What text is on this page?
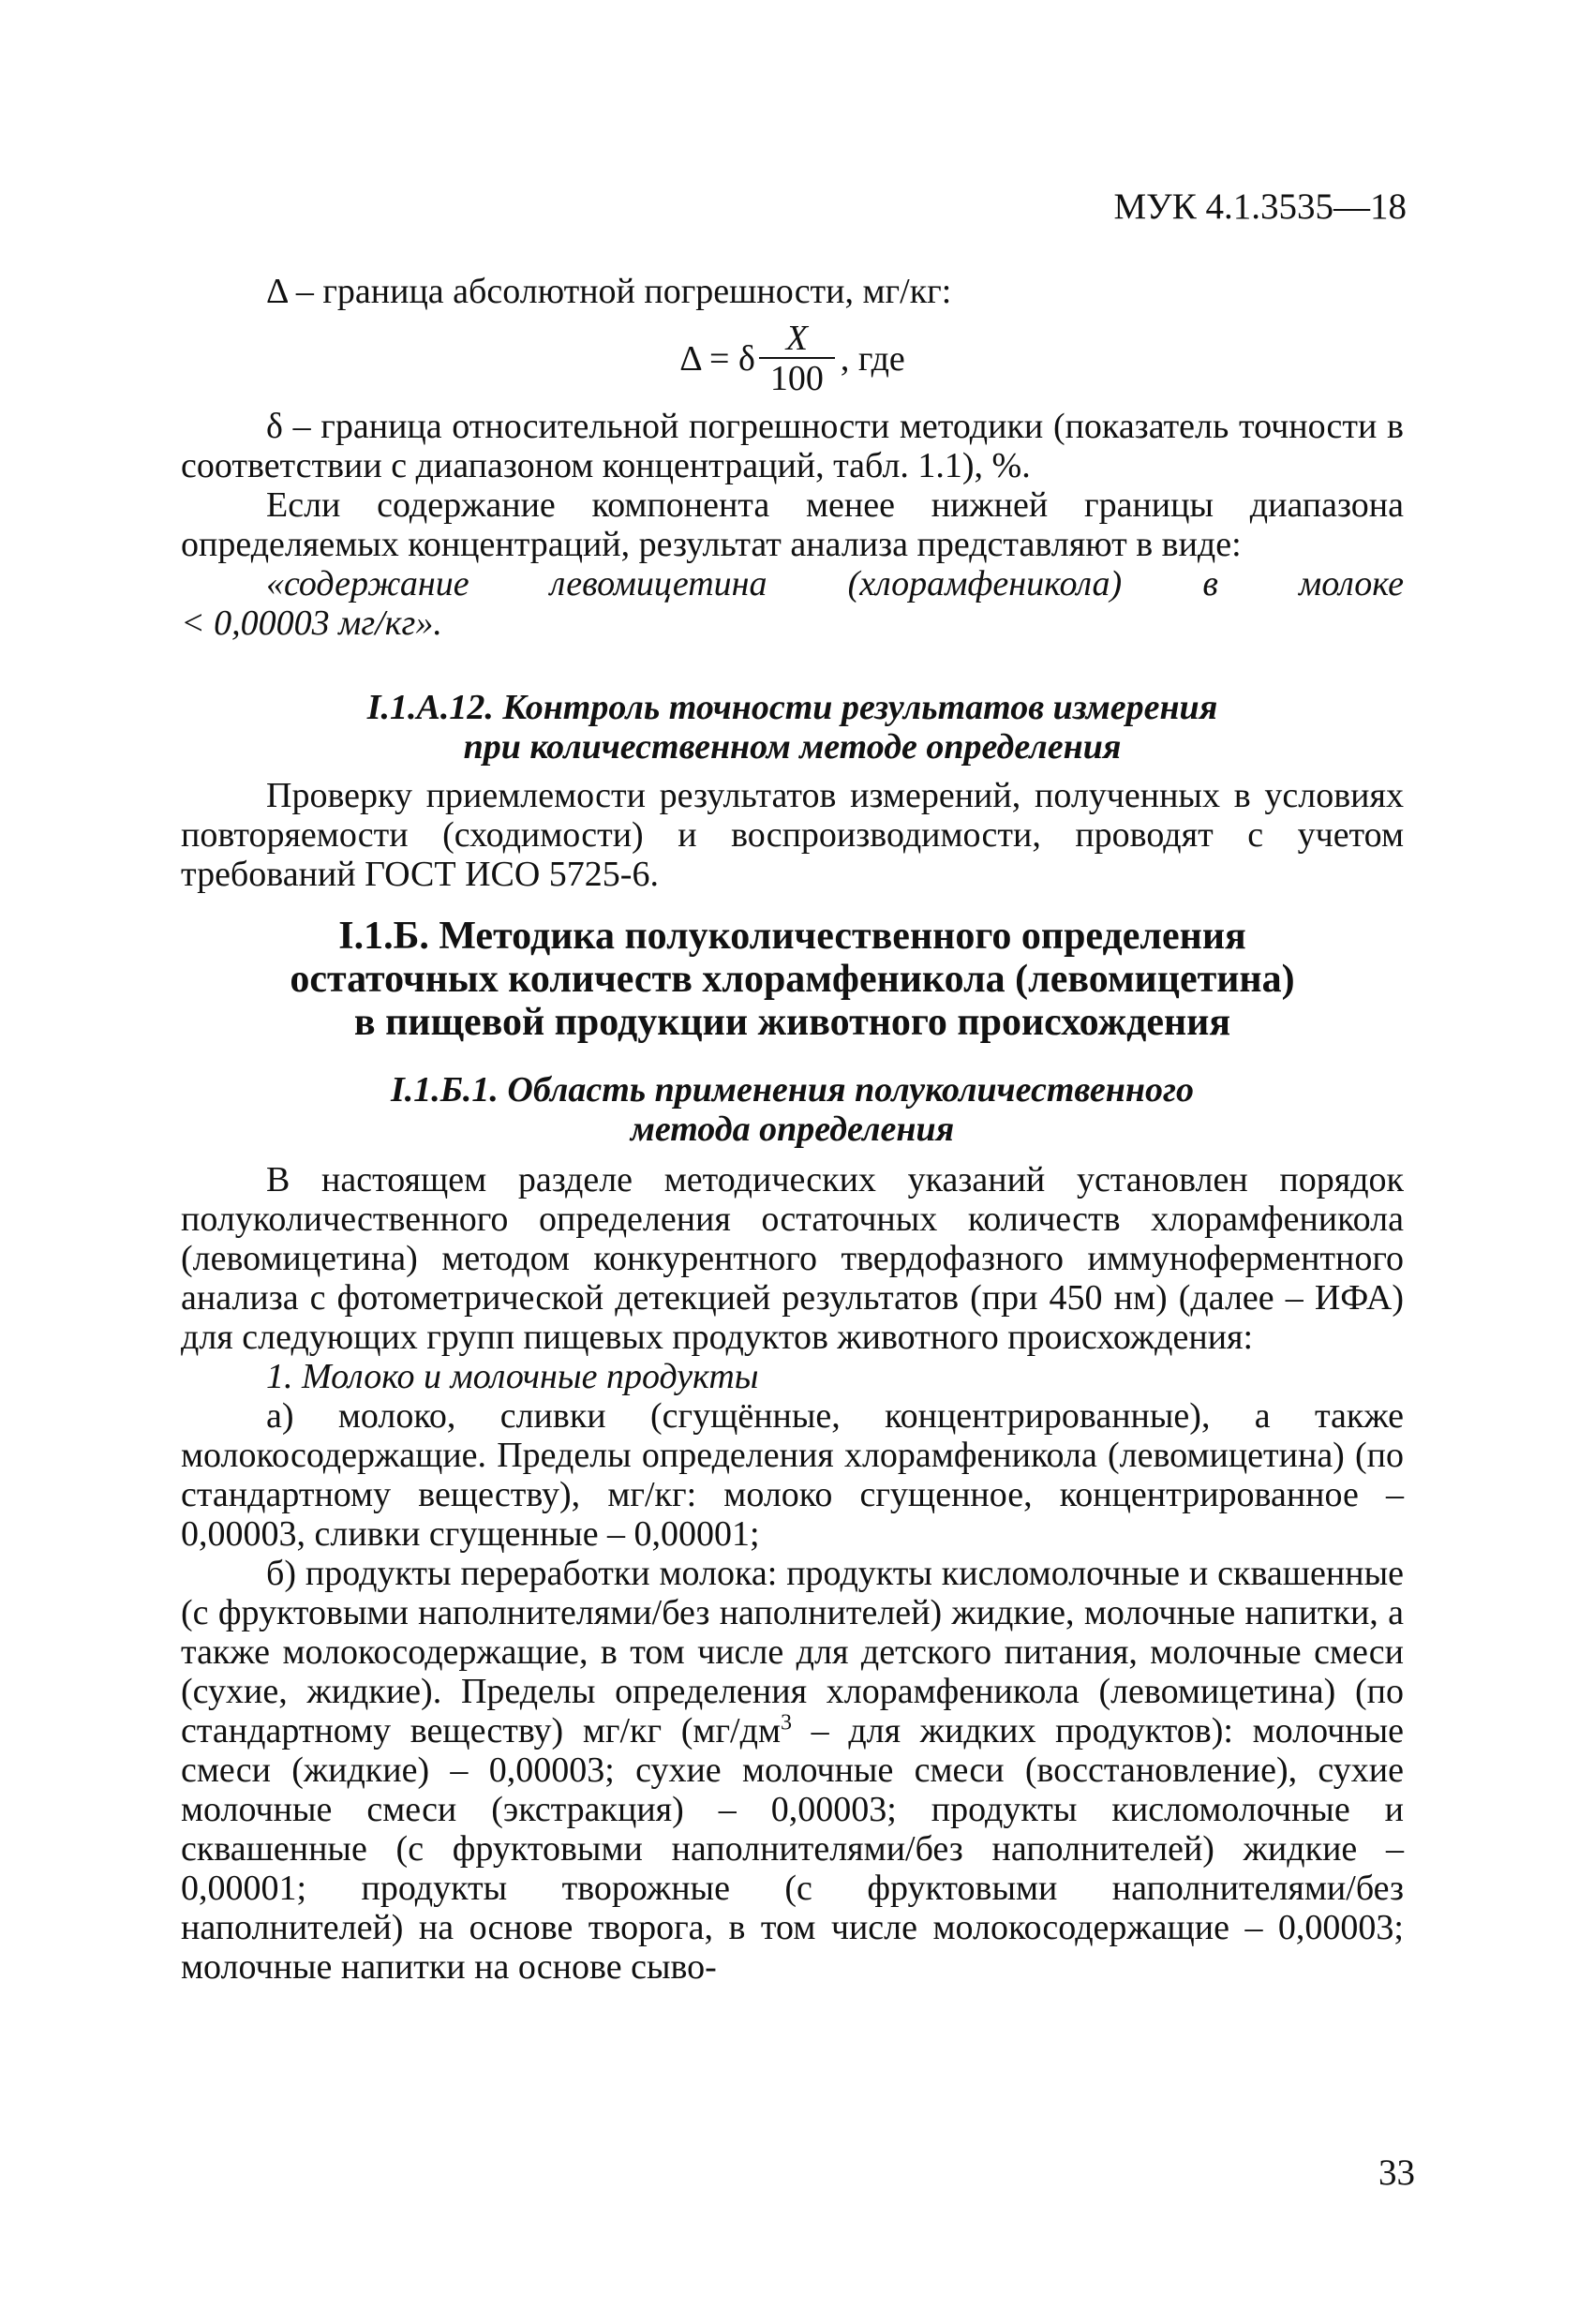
МУК 4.1.3535—18

Δ – граница абсолютной погрешности, мг/кг:

Δ = δ $\frac{X}{100}$ , где

δ – граница относительной погрешности методики (показатель точности в соответствии с диапазоном концентраций, табл. 1.1), %.

Если содержание компонента менее нижней границы диапазона определяемых концентраций, результат анализа представляют в виде:

«содержание левомицетина (хлорамфеникола) в молоке

< 0,00003 мг/кг».

I.1.А.12. Контроль точности результатов измерения

при количественном методе определения

Проверку приемлемости результатов измерений, полученных в условиях повторяемости (сходимости) и воспроизводимости, проводят с учетом требований ГОСТ ИСО 5725-6.

I.1.Б. Методика полуколичественного определения

остаточных количеств хлорамфеникола (левомицетина)

в пищевой продукции животного происхождения

I.1.Б.1. Область применения полуколичественного

метода определения

В настоящем разделе методических указаний установлен порядок полуколичественного определения остаточных количеств хлорамфеникола (левомицетина) методом конкурентного твердофазного иммуноферментного анализа с фотометрической детекцией результатов (при 450 нм) (далее – ИФА) для следующих групп пищевых продуктов животного происхождения:

1. Молоко и молочные продукты

а) молоко, сливки (сгущённые, концентрированные), а также молокосодержащие. Пределы определения хлорамфеникола (левомицетина) (по стандартному веществу), мг/кг: молоко сгущенное, концентрированное – 0,00003, сливки сгущенные – 0,00001;

б) продукты переработки молока: продукты кисломолочные и сквашенные (с фруктовыми наполнителями/без наполнителей) жидкие, молочные напитки, а также молокосодержащие, в том числе для детского питания, молочные смеси (сухие, жидкие). Пределы определения хлорамфеникола (левомицетина) (по стандартному веществу) мг/кг ($мг/дм^3$ – для жидких продуктов): молочные смеси (жидкие) – 0,00003; сухие молочные смеси (восстановление), сухие молочные смеси (экстракция) – 0,00003; продукты кисломолочные и сквашенные (с фруктовыми наполнителями/без наполнителей) жидкие – 0,00001; продукты творожные (с фруктовыми наполнителями/без наполнителей) на основе творога, в том числе молокосодержащие – 0,00003; молочные напитки на основе сыво-

33
